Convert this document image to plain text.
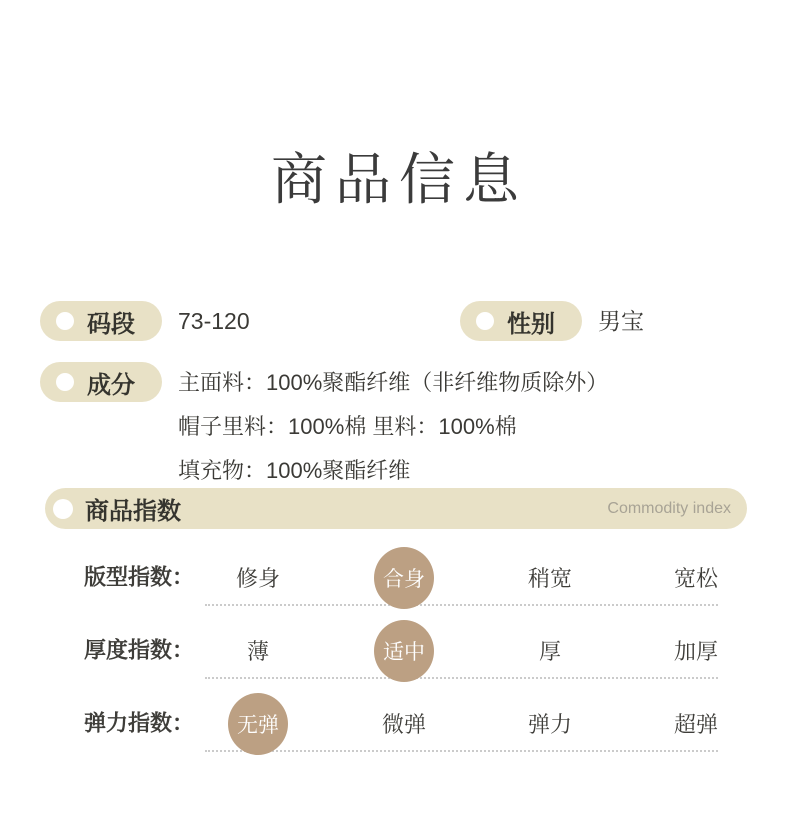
商品信息
码段	73-120	性别	男宝
成分	主面料：100%聚酯纤维（非纤维物质除外）
帽子里料：100%棉 里料：100%棉
填充物：100%聚酯纤维
商品指数	Commodity index
版型指数： 修身	合身	稍宽	宽松
厚度指数： 薄	适中	厚	加厚
弹力指数： 无弹	微弹	弹力	超弹
